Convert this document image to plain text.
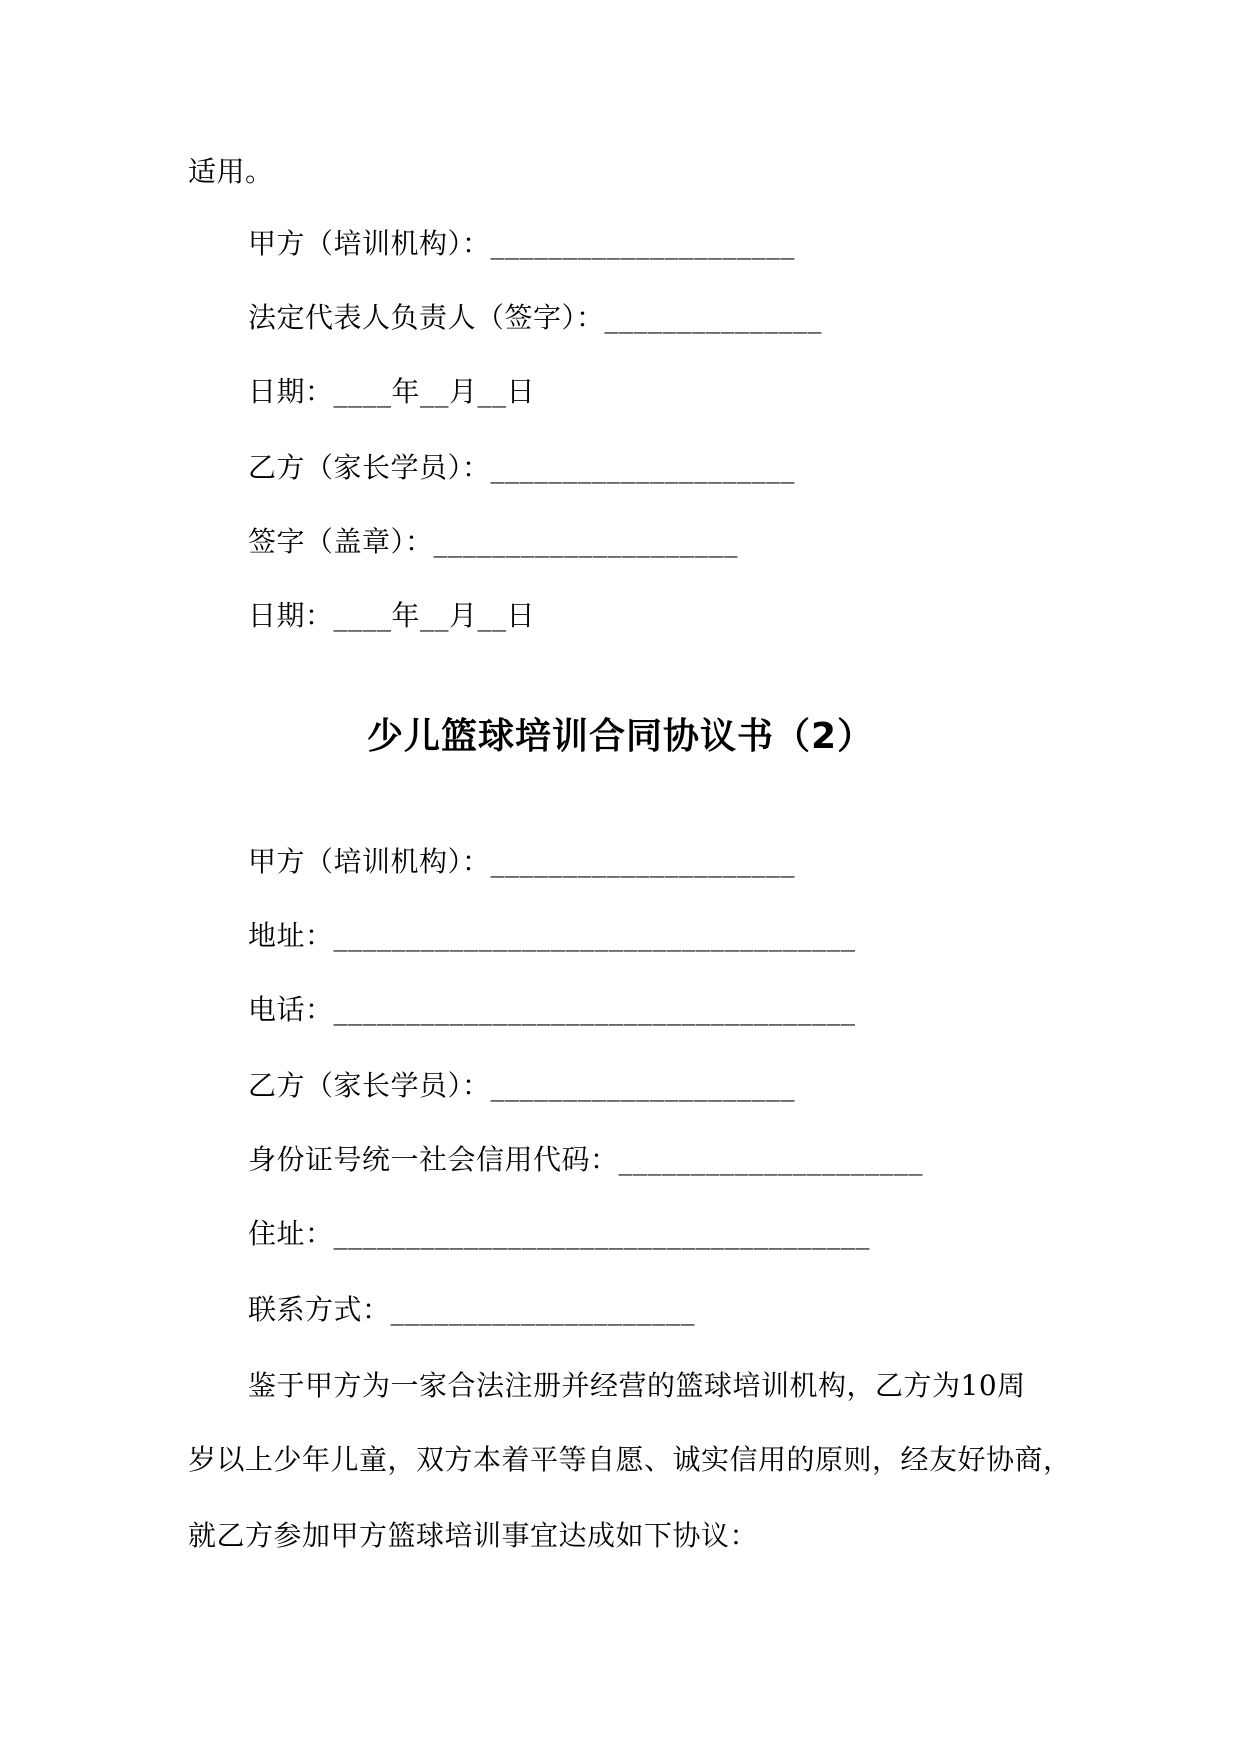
适用。
甲方（培训机构）：_____________________
法定代表人负责人（签字）：_______________
日期：____年__月__日
乙方（家长学员）：_____________________
签字（盖章）：_____________________
日期：____年__月__日
少儿篮球培训合同协议书（2）
甲方（培训机构）：_____________________
地址：____________________________________
电话：____________________________________
乙方（家长学员）：_____________________
身份证号统一社会信用代码：_____________________
住址：_____________________________________
联系方式：_____________________
鉴于甲方为一家合法注册并经营的篮球培训机构，乙方为10周
岁以上少年儿童，双方本着平等自愿、诚实信用的原则，经友好协商，
就乙方参加甲方篮球培训事宜达成如下协议：
